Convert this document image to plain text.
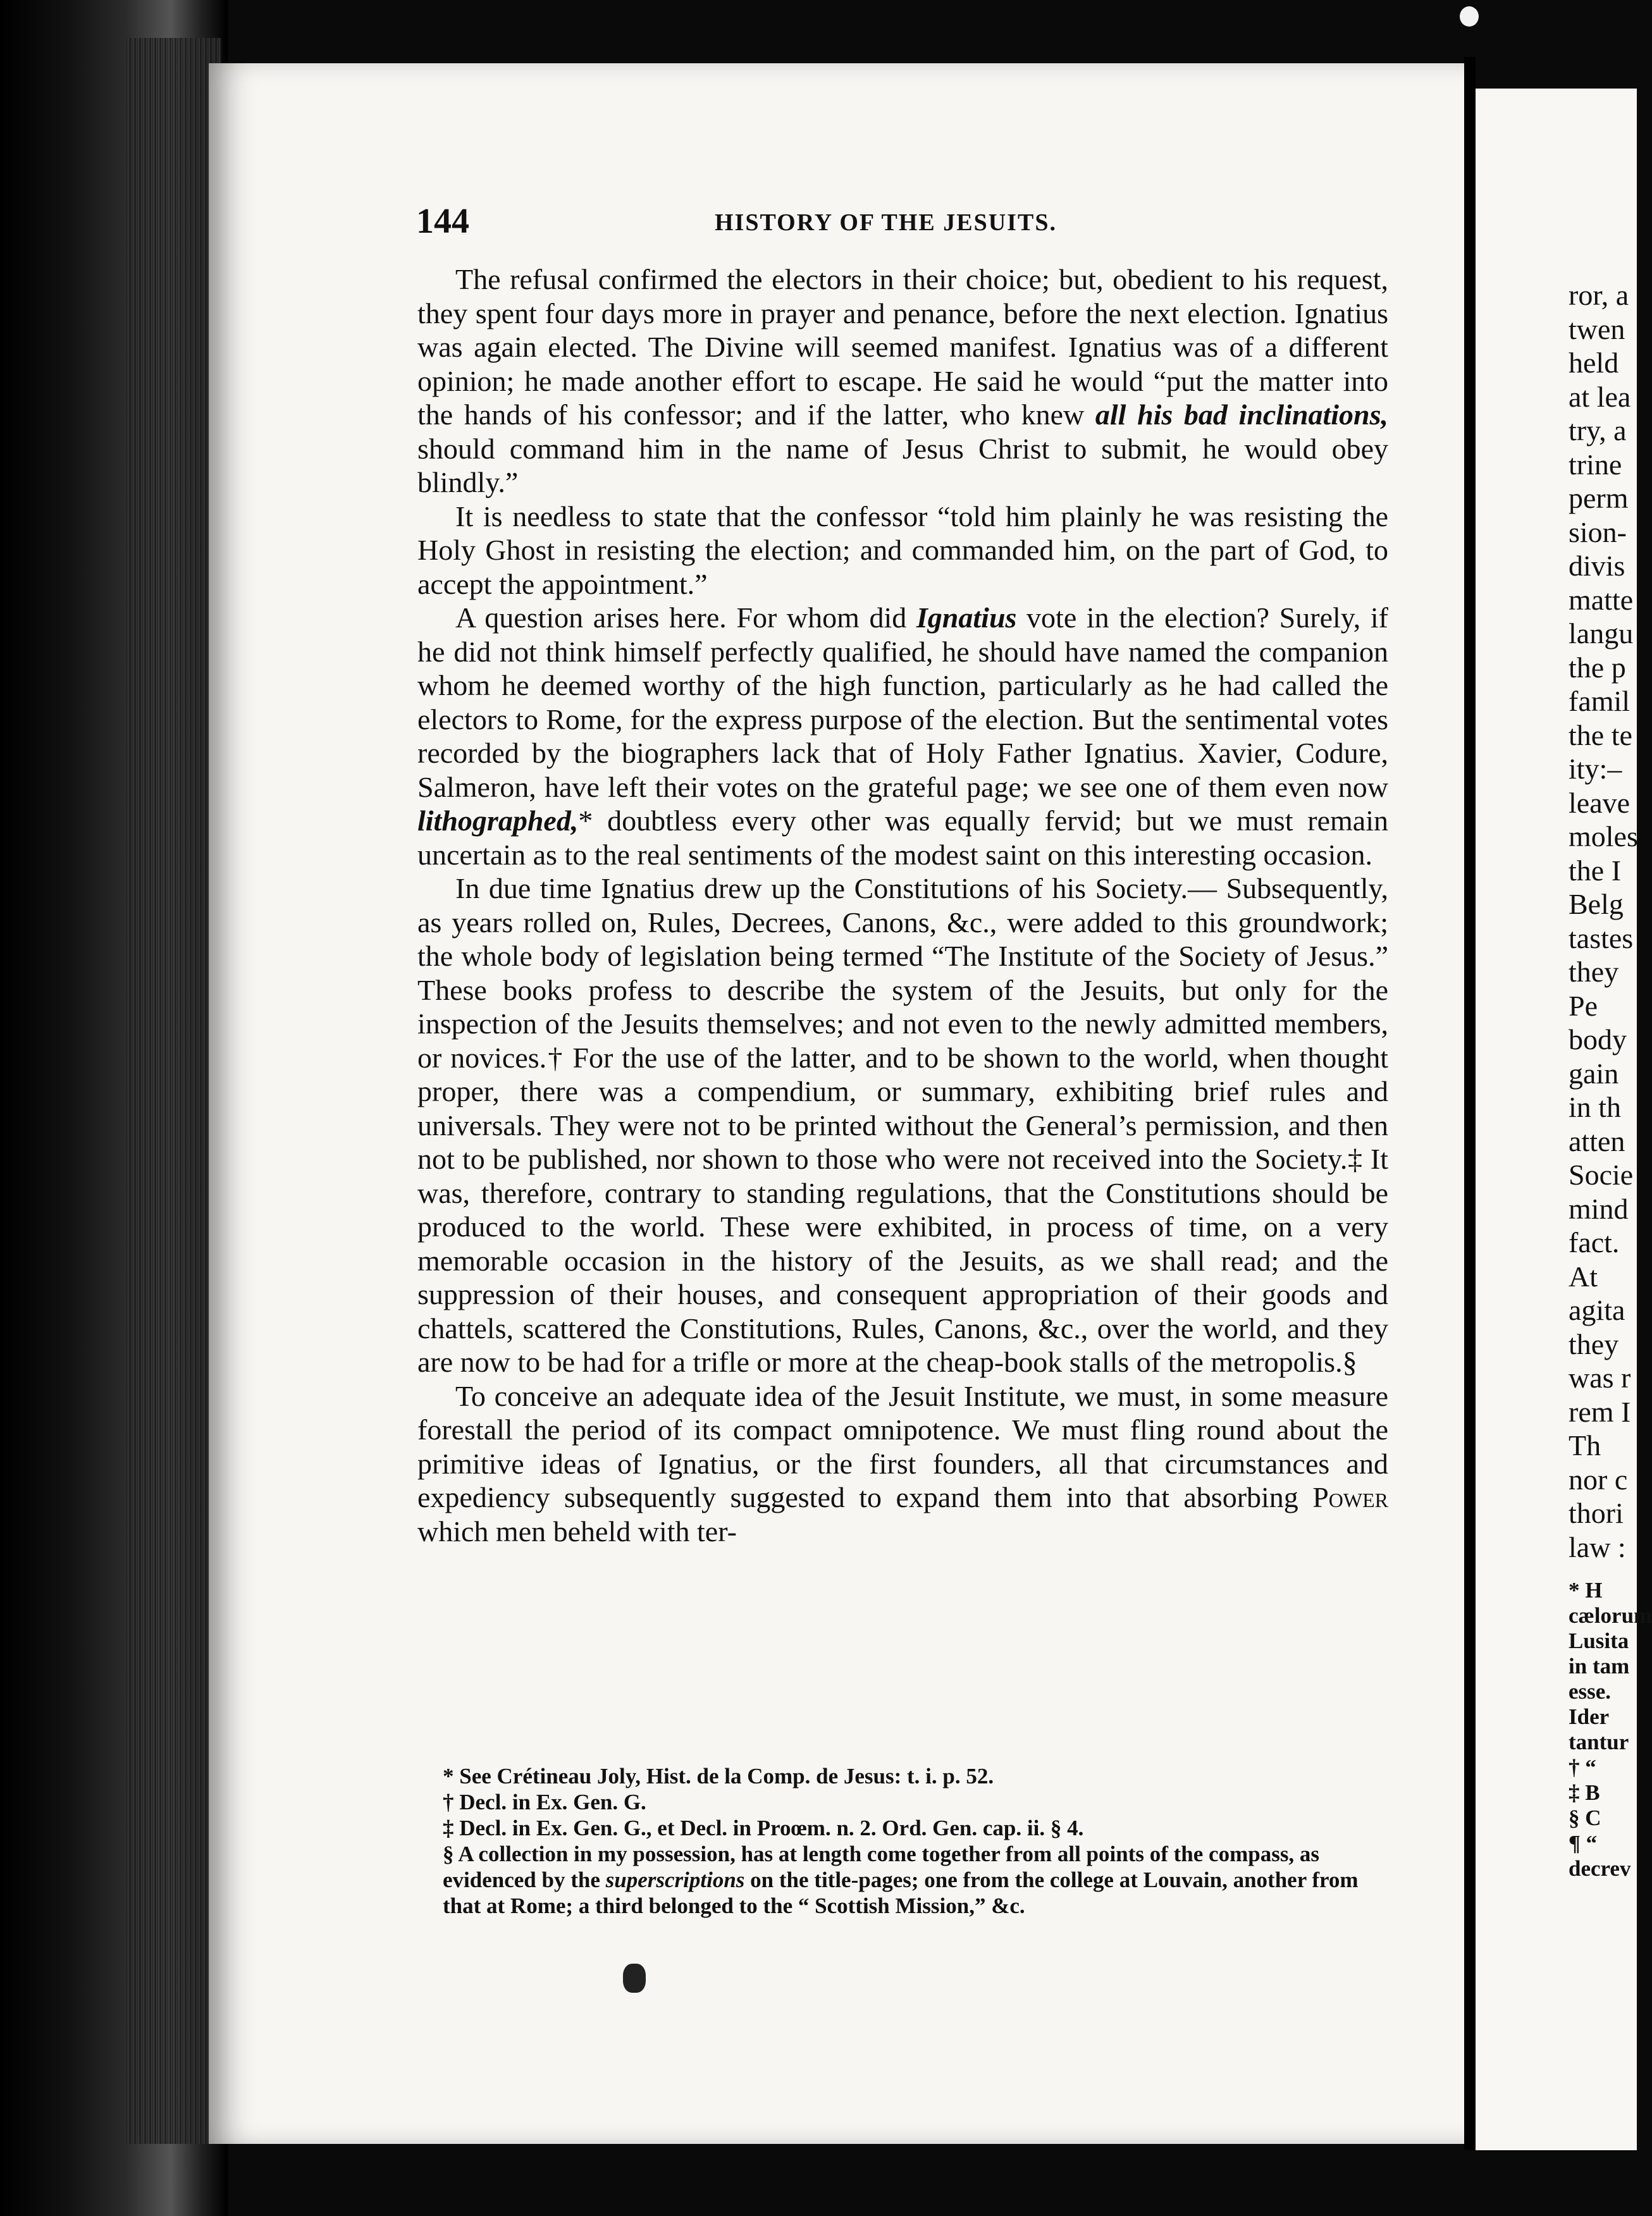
144	HISTORY OF THE JESUITS.

The refusal confirmed the electors in their choice; but, obedient to his request, they spent four days more in prayer and penance, before the next election. Ignatius was again elected. The Divine will seemed manifest. Ignatius was of a different opinion; he made another effort to escape. He said he would “put the matter into the hands of his confessor; and if the latter, who knew all his bad inclinations, should command him in the name of Jesus Christ to submit, he would obey blindly.”

It is needless to state that the confessor “told him plainly he was resisting the Holy Ghost in resisting the election; and commanded him, on the part of God, to accept the appointment.”

A question arises here. For whom did Ignatius vote in the election? Surely, if he did not think himself perfectly qualified, he should have named the companion whom he deemed worthy of the high function, particularly as he had called the electors to Rome, for the express purpose of the election. But the sentimental votes recorded by the biographers lack that of Holy Father Ignatius. Xavier, Codure, Salmeron, have left their votes on the grateful page; we see one of them even now lithographed,* doubtless every other was equally fervid; but we must remain uncertain as to the real sentiments of the modest saint on this interesting occasion.

In due time Ignatius drew up the Constitutions of his Society.— Subsequently, as years rolled on, Rules, Decrees, Canons, &c., were added to this groundwork; the whole body of legislation being termed “The Institute of the Society of Jesus.” These books profess to describe the system of the Jesuits, but only for the inspection of the Jesuits themselves; and not even to the newly admitted members, or novices.† For the use of the latter, and to be shown to the world, when thought proper, there was a compendium, or summary, exhibiting brief rules and universals. They were not to be printed without the General’s permission, and then not to be published, nor shown to those who were not received into the Society.‡ It was, therefore, contrary to standing regulations, that the Constitutions should be produced to the world. These were exhibited, in process of time, on a very memorable occasion in the history of the Jesuits, as we shall read; and the suppression of their houses, and consequent appropriation of their goods and chattels, scattered the Constitutions, Rules, Canons, &c., over the world, and they are now to be had for a trifle or more at the cheap-book stalls of the metropolis.§

To conceive an adequate idea of the Jesuit Institute, we must, in some measure forestall the period of its compact omnipotence. We must fling round about the primitive ideas of Ignatius, or the first founders, all that circumstances and expediency subsequently suggested to expand them into that absorbing Power which men beheld with ter-

* See Crétineau Joly, Hist. de la Comp. de Jesus: t. i. p. 52.

† Decl. in Ex. Gen. G.

‡ Decl. in Ex. Gen. G., et Decl. in Proœm. n. 2. Ord. Gen. cap. ii. § 4.

§ A collection in my possession, has at length come together from all points of the compass, as evidenced by the superscriptions on the title-pages; one from the college at Louvain, another from that at Rome; a third belonged to the “ Scottish Mission,” &c.

ror, a
twen
held
at lea
try, a
trine
perm
sion-
divis
matte
langu
the p
famil
the te
ity:–
leave
moles
the I
Belg
tastes
they
Pe
body
gain
in th
atten
Socie
mind
fact.
At
agita
they
was r
rem I
Th
nor c
thori
law :
* H
cælorum
Lusita
in tam
esse.
Ider
tantur
† “
‡ B
§ C
¶ “
decrev
